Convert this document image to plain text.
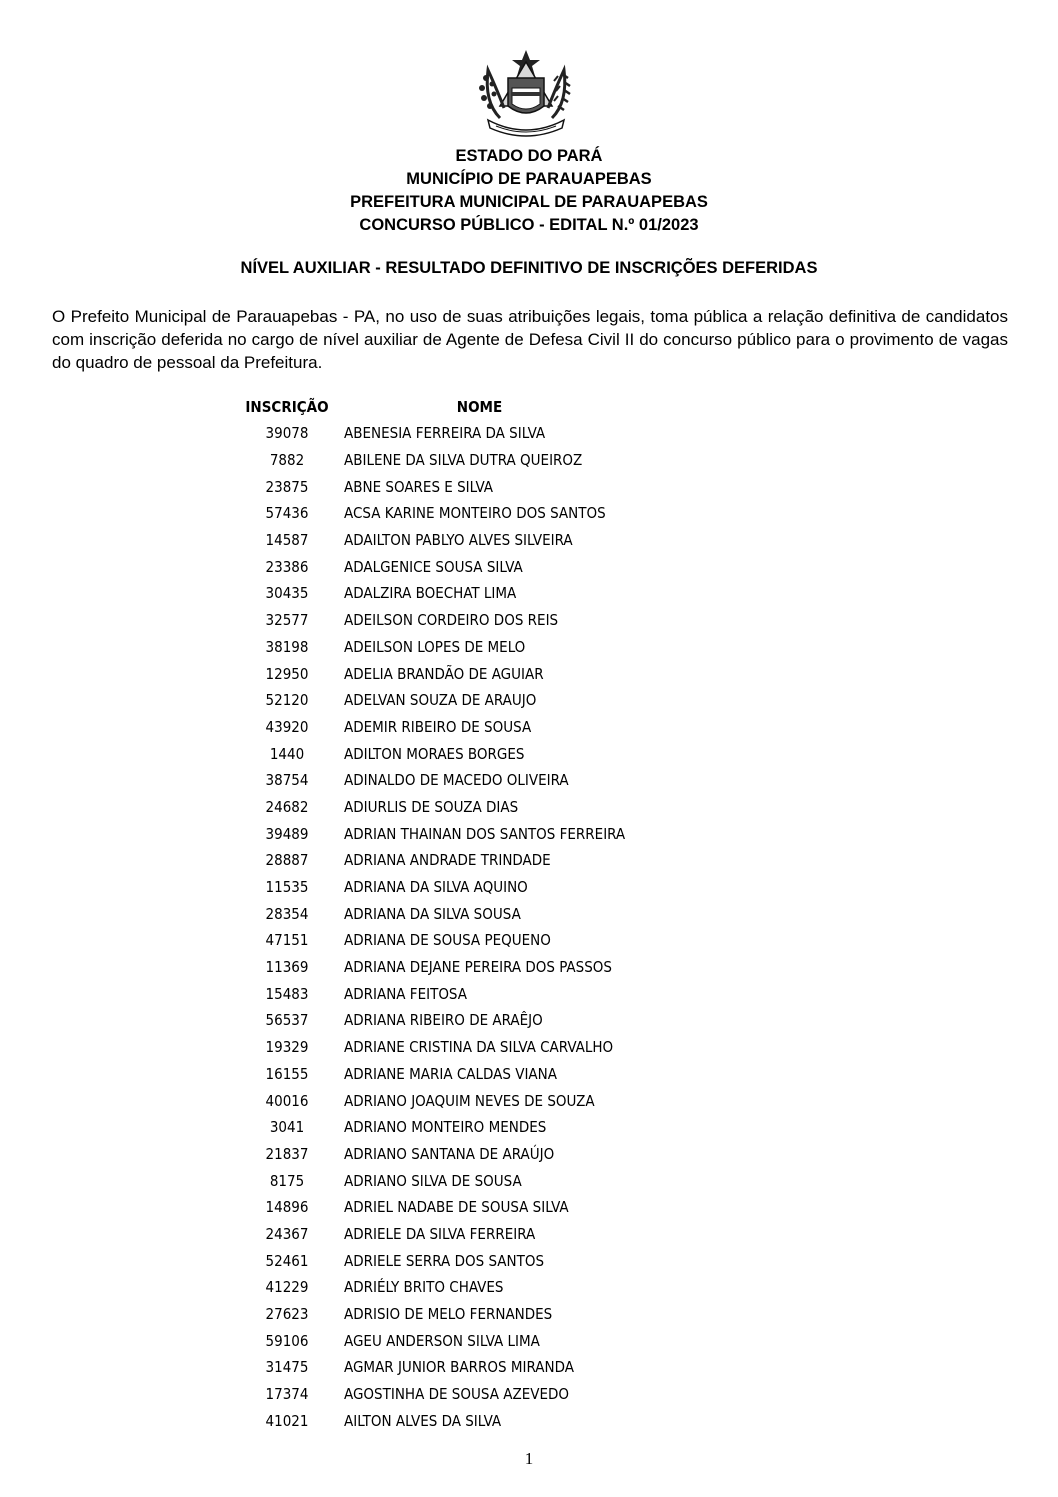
ESTADO DO PARÁ
MUNICÍPIO DE PARAUAPEBAS
PREFEITURA MUNICIPAL DE PARAUAPEBAS
CONCURSO PÚBLICO - EDITAL N.º 01/2023
NÍVEL AUXILIAR - RESULTADO DEFINITIVO DE INSCRIÇÕES DEFERIDAS
O Prefeito Municipal de Parauapebas - PA, no uso de suas atribuições legais, toma pública a relação definitiva de candidatos com inscrição deferida no cargo de nível auxiliar de Agente de Defesa Civil II do concurso público para o provimento de vagas do quadro de pessoal da Prefeitura.
INSCRIÇÃO	NOME
39078	ABENESIA FERREIRA DA SILVA
7882	ABILENE DA SILVA DUTRA QUEIROZ
23875	ABNE SOARES E SILVA
57436	ACSA KARINE MONTEIRO DOS SANTOS
14587	ADAILTON PABLYO ALVES SILVEIRA
23386	ADALGENICE SOUSA SILVA
30435	ADALZIRA BOECHAT LIMA
32577	ADEILSON CORDEIRO DOS REIS
38198	ADEILSON LOPES DE MELO
12950	ADELIA BRANDÃO DE AGUIAR
52120	ADELVAN SOUZA DE ARAUJO
43920	ADEMIR RIBEIRO DE SOUSA
1440	ADILTON MORAES BORGES
38754	ADINALDO DE MACEDO OLIVEIRA
24682	ADIURLIS DE SOUZA DIAS
39489	ADRIAN THAINAN DOS SANTOS FERREIRA
28887	ADRIANA ANDRADE TRINDADE
11535	ADRIANA DA SILVA AQUINO
28354	ADRIANA DA SILVA SOUSA
47151	ADRIANA DE SOUSA PEQUENO
11369	ADRIANA DEJANE PEREIRA DOS PASSOS
15483	ADRIANA FEITOSA
56537	ADRIANA RIBEIRO DE ARAÊJO
19329	ADRIANE CRISTINA DA SILVA CARVALHO
16155	ADRIANE MARIA CALDAS VIANA
40016	ADRIANO JOAQUIM NEVES DE SOUZA
3041	ADRIANO MONTEIRO MENDES
21837	ADRIANO SANTANA DE ARAÚJO
8175	ADRIANO SILVA DE SOUSA
14896	ADRIEL NADABE DE SOUSA SILVA
24367	ADRIELE DA SILVA FERREIRA
52461	ADRIELE SERRA DOS SANTOS
41229	ADRIÉLY BRITO CHAVES
27623	ADRISIO DE MELO FERNANDES
59106	AGEU ANDERSON SILVA LIMA
31475	AGMAR JUNIOR BARROS MIRANDA
17374	AGOSTINHA DE SOUSA AZEVEDO
41021	AILTON ALVES DA SILVA
1
